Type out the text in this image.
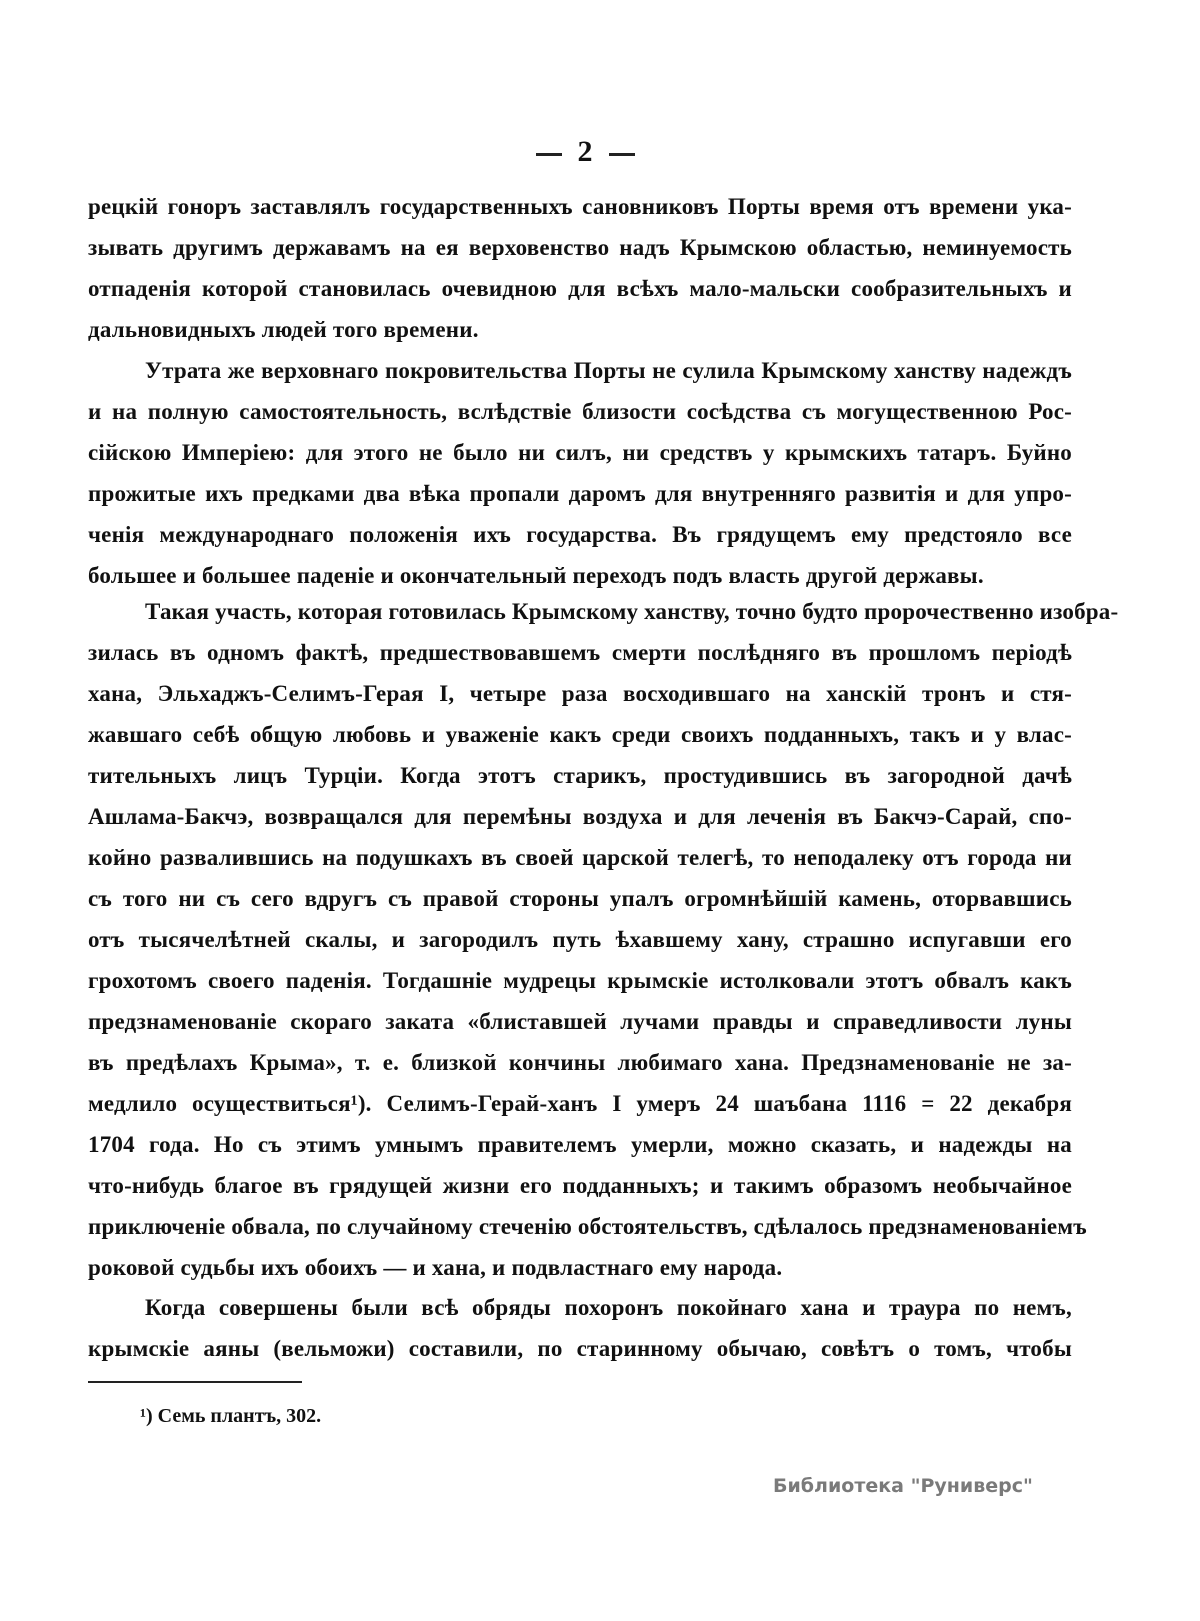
2
рецкій гоноръ заставлялъ государственныхъ сановниковъ Порты время отъ времени ука-
зывать другимъ державамъ на ея верховенство надъ Крымскою областью, неминуемость
отпаденія которой становилась очевидною для всѣхъ мало-мальски сообразительныхъ и
дальновидныхъ людей того времени.
Утрата же верховнаго покровительства Порты не сулила Крымскому ханству надеждъ
и на полную самостоятельность, вслѣдствіе близости сосѣдства съ могущественною Рос-
сійскою Имперіею: для этого не было ни силъ, ни средствъ у крымскихъ татаръ. Буйно
прожитые ихъ предками два вѣка пропали даромъ для внутренняго развитія и для упро-
ченія международнаго положенія ихъ государства. Въ грядущемъ ему предстояло все
большее и большее паденіе и окончательный переходъ подъ власть другой державы.
Такая участь, которая готовилась Крымскому ханству, точно будто пророчественно изобра-
зилась въ одномъ фактѣ, предшествовавшемъ смерти послѣдняго въ прошломъ періодѣ
хана, Эльхаджъ-Селимъ-Герая I, четыре раза восходившаго на ханскій тронъ и стя-
жавшаго себѣ общую любовь и уваженіе какъ среди своихъ подданныхъ, такъ и у влас-
тительныхъ лицъ Турціи. Когда этотъ старикъ, простудившись въ загородной дачѣ
Ашлама-Бакчэ, возвращался для перемѣны воздуха и для леченія въ Бакчэ-Сарай, спо-
койно развалившись на подушкахъ въ своей царской телегѣ, то неподалеку отъ города ни
съ того ни съ сего вдругъ съ правой стороны упалъ огромнѣйшій камень, оторвавшись
отъ тысячелѣтней скалы, и загородилъ путь ѣхавшему хану, страшно испугавши его
грохотомъ своего паденія. Тогдашніе мудрецы крымскіе истолковали этотъ обвалъ какъ
предзнаменованіе скораго заката «блиставшей лучами правды и справедливости луны
въ предѣлахъ Крыма», т. е. близкой кончины любимаго хана. Предзнаменованіе не за-
медлило осуществиться¹). Селимъ-Герай-ханъ I умеръ 24 шаъбана 1116 = 22 декабря
1704 года. Но съ этимъ умнымъ правителемъ умерли, можно сказать, и надежды на
что-нибудь благое въ грядущей жизни его подданныхъ; и такимъ образомъ необычайное
приключеніе обвала, по случайному стеченію обстоятельствъ, сдѣлалось предзнаменованіемъ
роковой судьбы ихъ обоихъ — и хана, и подвластнаго ему народа.
Когда совершены были всѣ обряды похоронъ покойнаго хана и траура по немъ,
крымскіе аяны (вельможи) составили, по старинному обычаю, совѣтъ о томъ, чтобы
¹) Семь плантъ, 302.
Библиотека "Руниверс"
